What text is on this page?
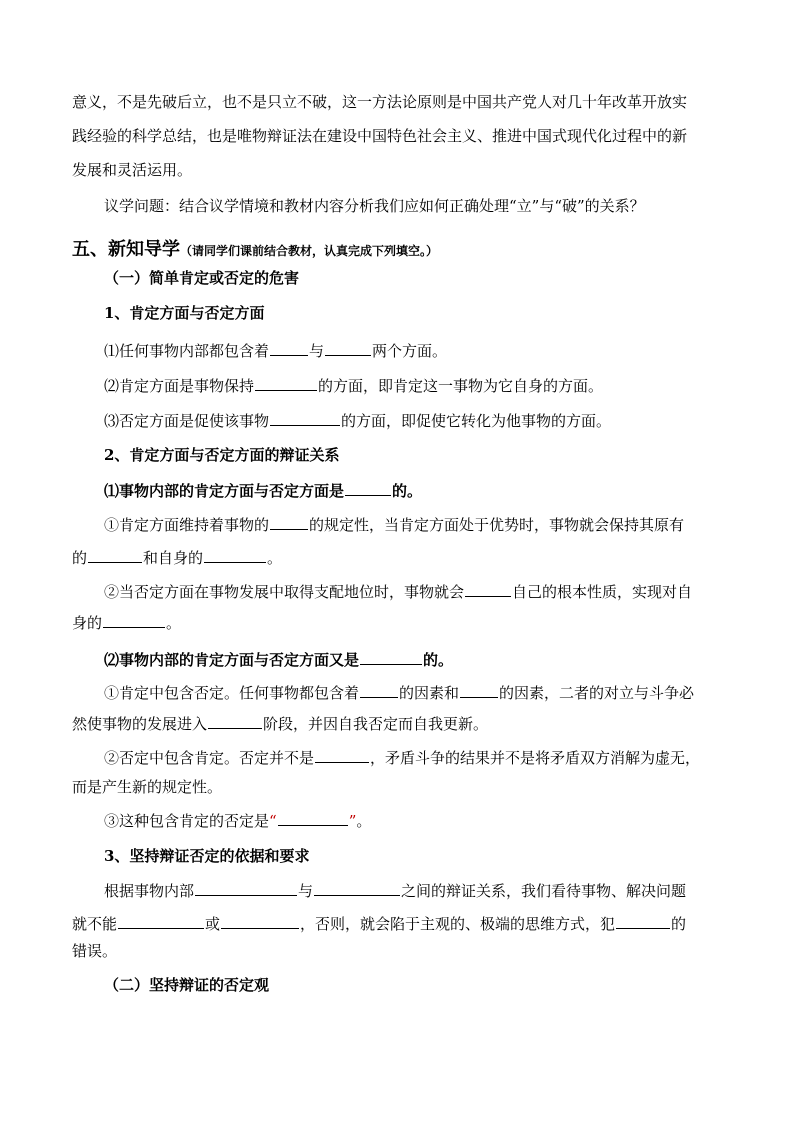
意义，不是先破后立，也不是只立不破，这一方法论原则是中国共产党人对几十年改革开放实
践经验的科学总结，也是唯物辩证法在建设中国特色社会主义、推进中国式现代化过程中的新
发展和灵活运用。
议学问题：结合议学情境和教材内容分析我们应如何正确处理“立”与“破”的关系？
五、新知导学（请同学们课前结合教材，认真完成下列填空。）
（一）简单肯定或否定的危害
1、肯定方面与否定方面
⑴任何事物内部都包含着	与	两个方面。
⑵肯定方面是事物保持	的方面，即肯定这一事物为它自身的方面。
⑶否定方面是促使该事物	的方面，即促使它转化为他事物的方面。
2、肯定方面与否定方面的辩证关系
⑴事物内部的肯定方面与否定方面是	的。
①肯定方面维持着事物的	的规定性，当肯定方面处于优势时，事物就会保持其原有
的	和自身的	。
②当否定方面在事物发展中取得支配地位时，事物就会	自己的根本性质，实现对自
身的	。
⑵事物内部的肯定方面与否定方面又是	的。
①肯定中包含否定。任何事物都包含着	的因素和	的因素，二者的对立与斗争必
然使事物的发展进入	阶段，并因自我否定而自我更新。
②否定中包含肯定。否定并不是	，矛盾斗争的结果并不是将矛盾双方消解为虚无，
而是产生新的规定性。
③这种包含肯定的否定是“	”。
3、坚持辩证否定的依据和要求
根据事物内部	与	之间的辩证关系，我们看待事物、解决问题
就不能	或	，否则，就会陷于主观的、极端的思维方式，犯	的
错误。
（二）坚持辩证的否定观
